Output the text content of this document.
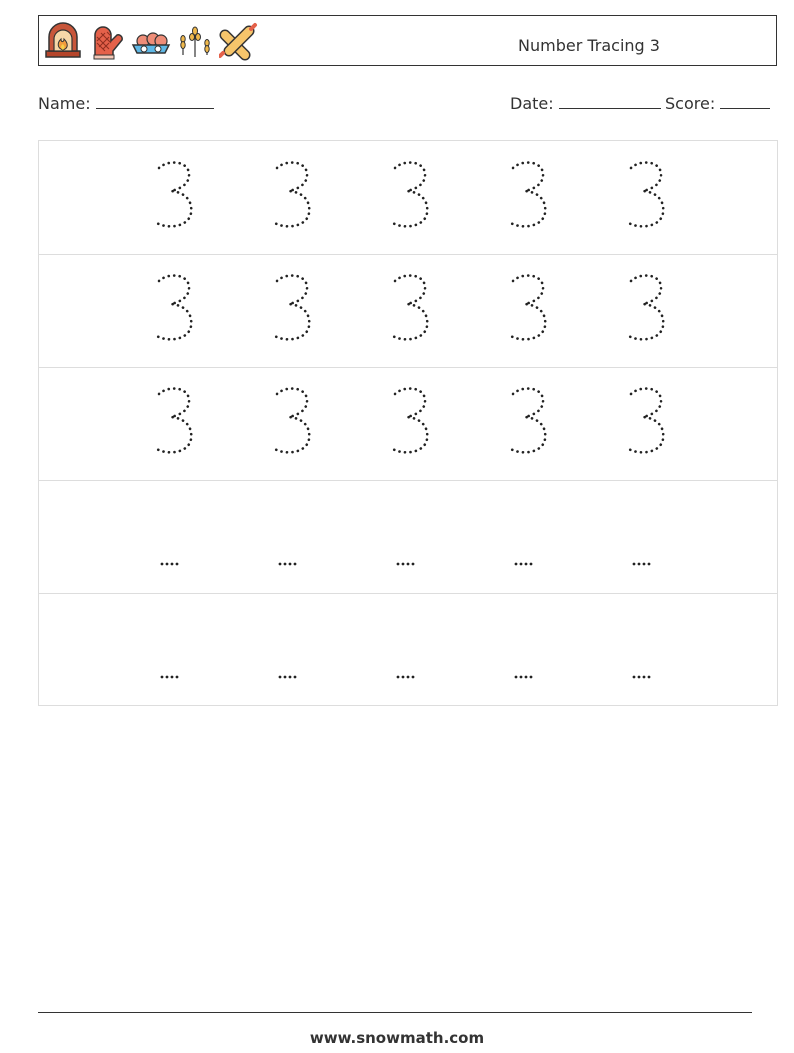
Number Tracing 3
Name:	Date:	Score:
www.snowmath.com
